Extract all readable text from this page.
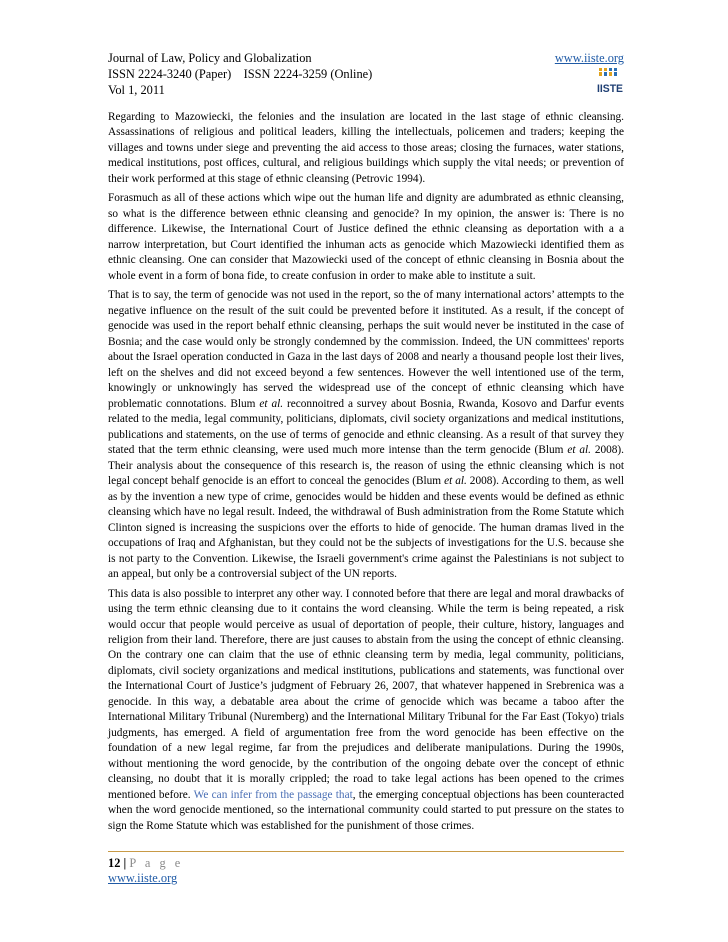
Journal of Law, Policy and Globalization	www.iiste.org
ISSN 2224-3240 (Paper)    ISSN 2224-3259 (Online)
Vol 1, 2011	IISTE

Regarding to Mazowiecki, the felonies and the insulation are located in the last stage of ethnic cleansing. Assassinations of religious and political leaders, killing the intellectuals, policemen and traders; keeping the villages and towns under siege and preventing the aid access to those areas; closing the furnaces, water stations, medical institutions, post offices, cultural, and religious buildings which supply the vital needs; or prevention of their work performed at this stage of ethnic cleansing (Petrovic 1994).

Forasmuch as all of these actions which wipe out the human life and dignity are adumbrated as ethnic cleansing, so what is the difference between ethnic cleansing and genocide? In my opinion, the answer is: There is no difference. Likewise, the International Court of Justice defined the ethnic cleansing as deportation with a a narrow interpretation, but Court identified the inhuman acts as genocide which Mazowiecki identified them as ethnic cleansing. One can consider that Mazowiecki used of the concept of ethnic cleansing in Bosnia about the whole event in a form of bona fide, to create confusion in order to make able to institute a suit.

That is to say, the term of genocide was not used in the report, so the of many international actors’ attempts to the negative influence on the result of the suit could be prevented before it instituted. As a result, if the concept of genocide was used in the report behalf ethnic cleansing, perhaps the suit would never be instituted in the case of Bosnia; and the case would only be strongly condemned by the commission. Indeed, the UN committees' reports about the Israel operation conducted in Gaza in the last days of 2008 and nearly a thousand people lost their lives, left on the shelves and did not exceed beyond a few sentences. However the well intentioned use of the term, knowingly or unknowingly has served the widespread use of the concept of ethnic cleansing which have problematic connotations. Blum et al. reconnoitred a survey about Bosnia, Rwanda, Kosovo and Darfur events related to the media, legal community, politicians, diplomats, civil society organizations and medical institutions, publications and statements, on the use of terms of genocide and ethnic cleansing. As a result of that survey they stated that the term ethnic cleansing, were used much more intense than the term genocide (Blum et al. 2008). Their analysis about the consequence of this research is, the reason of using the ethnic cleansing which is not legal concept behalf genocide is an effort to conceal the genocides (Blum et al. 2008). According to them, as well as by the invention a new type of crime, genocides would be hidden and these events would be defined as ethnic cleansing which have no legal result. Indeed, the withdrawal of Bush administration from the Rome Statute which Clinton signed is increasing the suspicions over the efforts to hide of genocide. The human dramas lived in the occupations of Iraq and Afghanistan, but they could not be the subjects of investigations for the U.S. because she is not party to the Convention. Likewise, the Israeli government's crime against the Palestinians is not subject to an appeal, but only be a controversial subject of the UN reports.

This data is also possible to interpret any other way. I connoted before that there are legal and moral drawbacks of using the term ethnic cleansing due to it contains the word cleansing. While the term is being repeated, a risk would occur that people would perceive as usual of deportation of people, their culture, history, languages and religion from their land. Therefore, there are just causes to abstain from the using the concept of ethnic cleansing. On the contrary one can claim that the use of ethnic cleansing term by media, legal community, politicians, diplomats, civil society organizations and medical institutions, publications and statements, was functional over the International Court of Justice’s judgment of February 26, 2007, that whatever happened in Srebrenica was a genocide. In this way, a debatable area about the crime of genocide which was became a taboo after the International Military Tribunal (Nuremberg) and the International Military Tribunal for the Far East (Tokyo) trials judgments, has emerged. A field of argumentation free from the word genocide has been effective on the foundation of a new legal regime, far from the prejudices and deliberate manipulations. During the 1990s, without mentioning the word genocide, by the contribution of the ongoing debate over the concept of ethnic cleansing, no doubt that it is morally crippled; the road to take legal actions has been opened to the crimes mentioned before. We can infer from the passage that, the emerging conceptual objections has been counteracted when the word genocide mentioned, so the international community could started to put pressure on the states to sign the Rome Statute which was established for the punishment of those crimes.

12 | P a g e
www.iiste.org
